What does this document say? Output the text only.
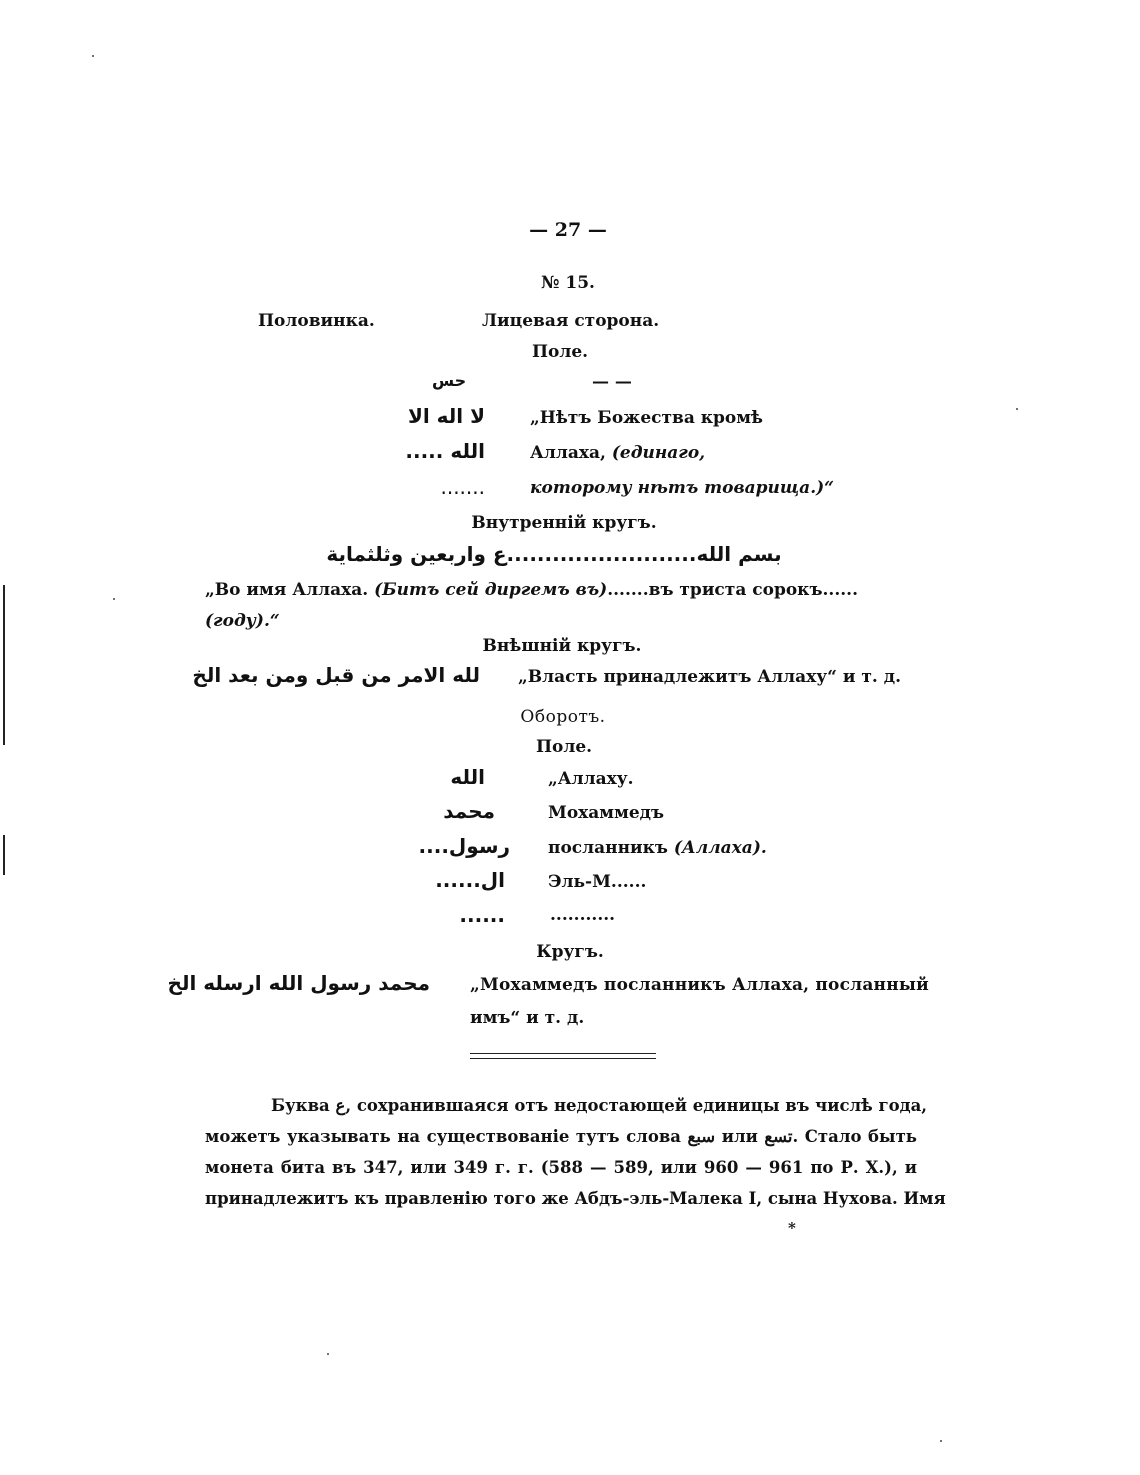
— 27 —
№ 15.
Половинка.	Лицевая сторона.
Поле.
حس	— —
لا اله الا	„Нѣтъ Божества кромѣ
الله .....	Аллаха, (единаго,
.......	которому нѣтъ товарища.)“
Внутренній кругъ.
بسم الله.........................ع واربعين وثلثماية
„Во имя Аллаха. (Битъ сей диргемъ въ).......въ триста сорокъ......
(году).“
Внѣшній кругъ.
لله الامر من قبل ومن بعد الخ „Власть принадлежитъ Аллаху“ и т. д.
Оборотъ.
Поле.
الله	„Аллаху.
محمد	Мохаммедъ
رسول.... посланникъ (Аллаха).
ال......	Эль-М......
......	...........
Кругъ.
محمد رسول الله ارسله الخ „Мохаммедъ посланникъ Аллаха, посланный
имъ“ и т. д.
Буква ع, сохранившаяся отъ недостающей единицы въ числѣ года,
можетъ указывать на существованіе тутъ слова سبع или تسع. Стало быть
монета бита въ 347, или 349 г. г. (588 — 589, или 960 — 961 по Р. Х.), и
принадлежитъ къ правленію того же Абдъ-эль-Малека I, сына Нухова. Имя
*
